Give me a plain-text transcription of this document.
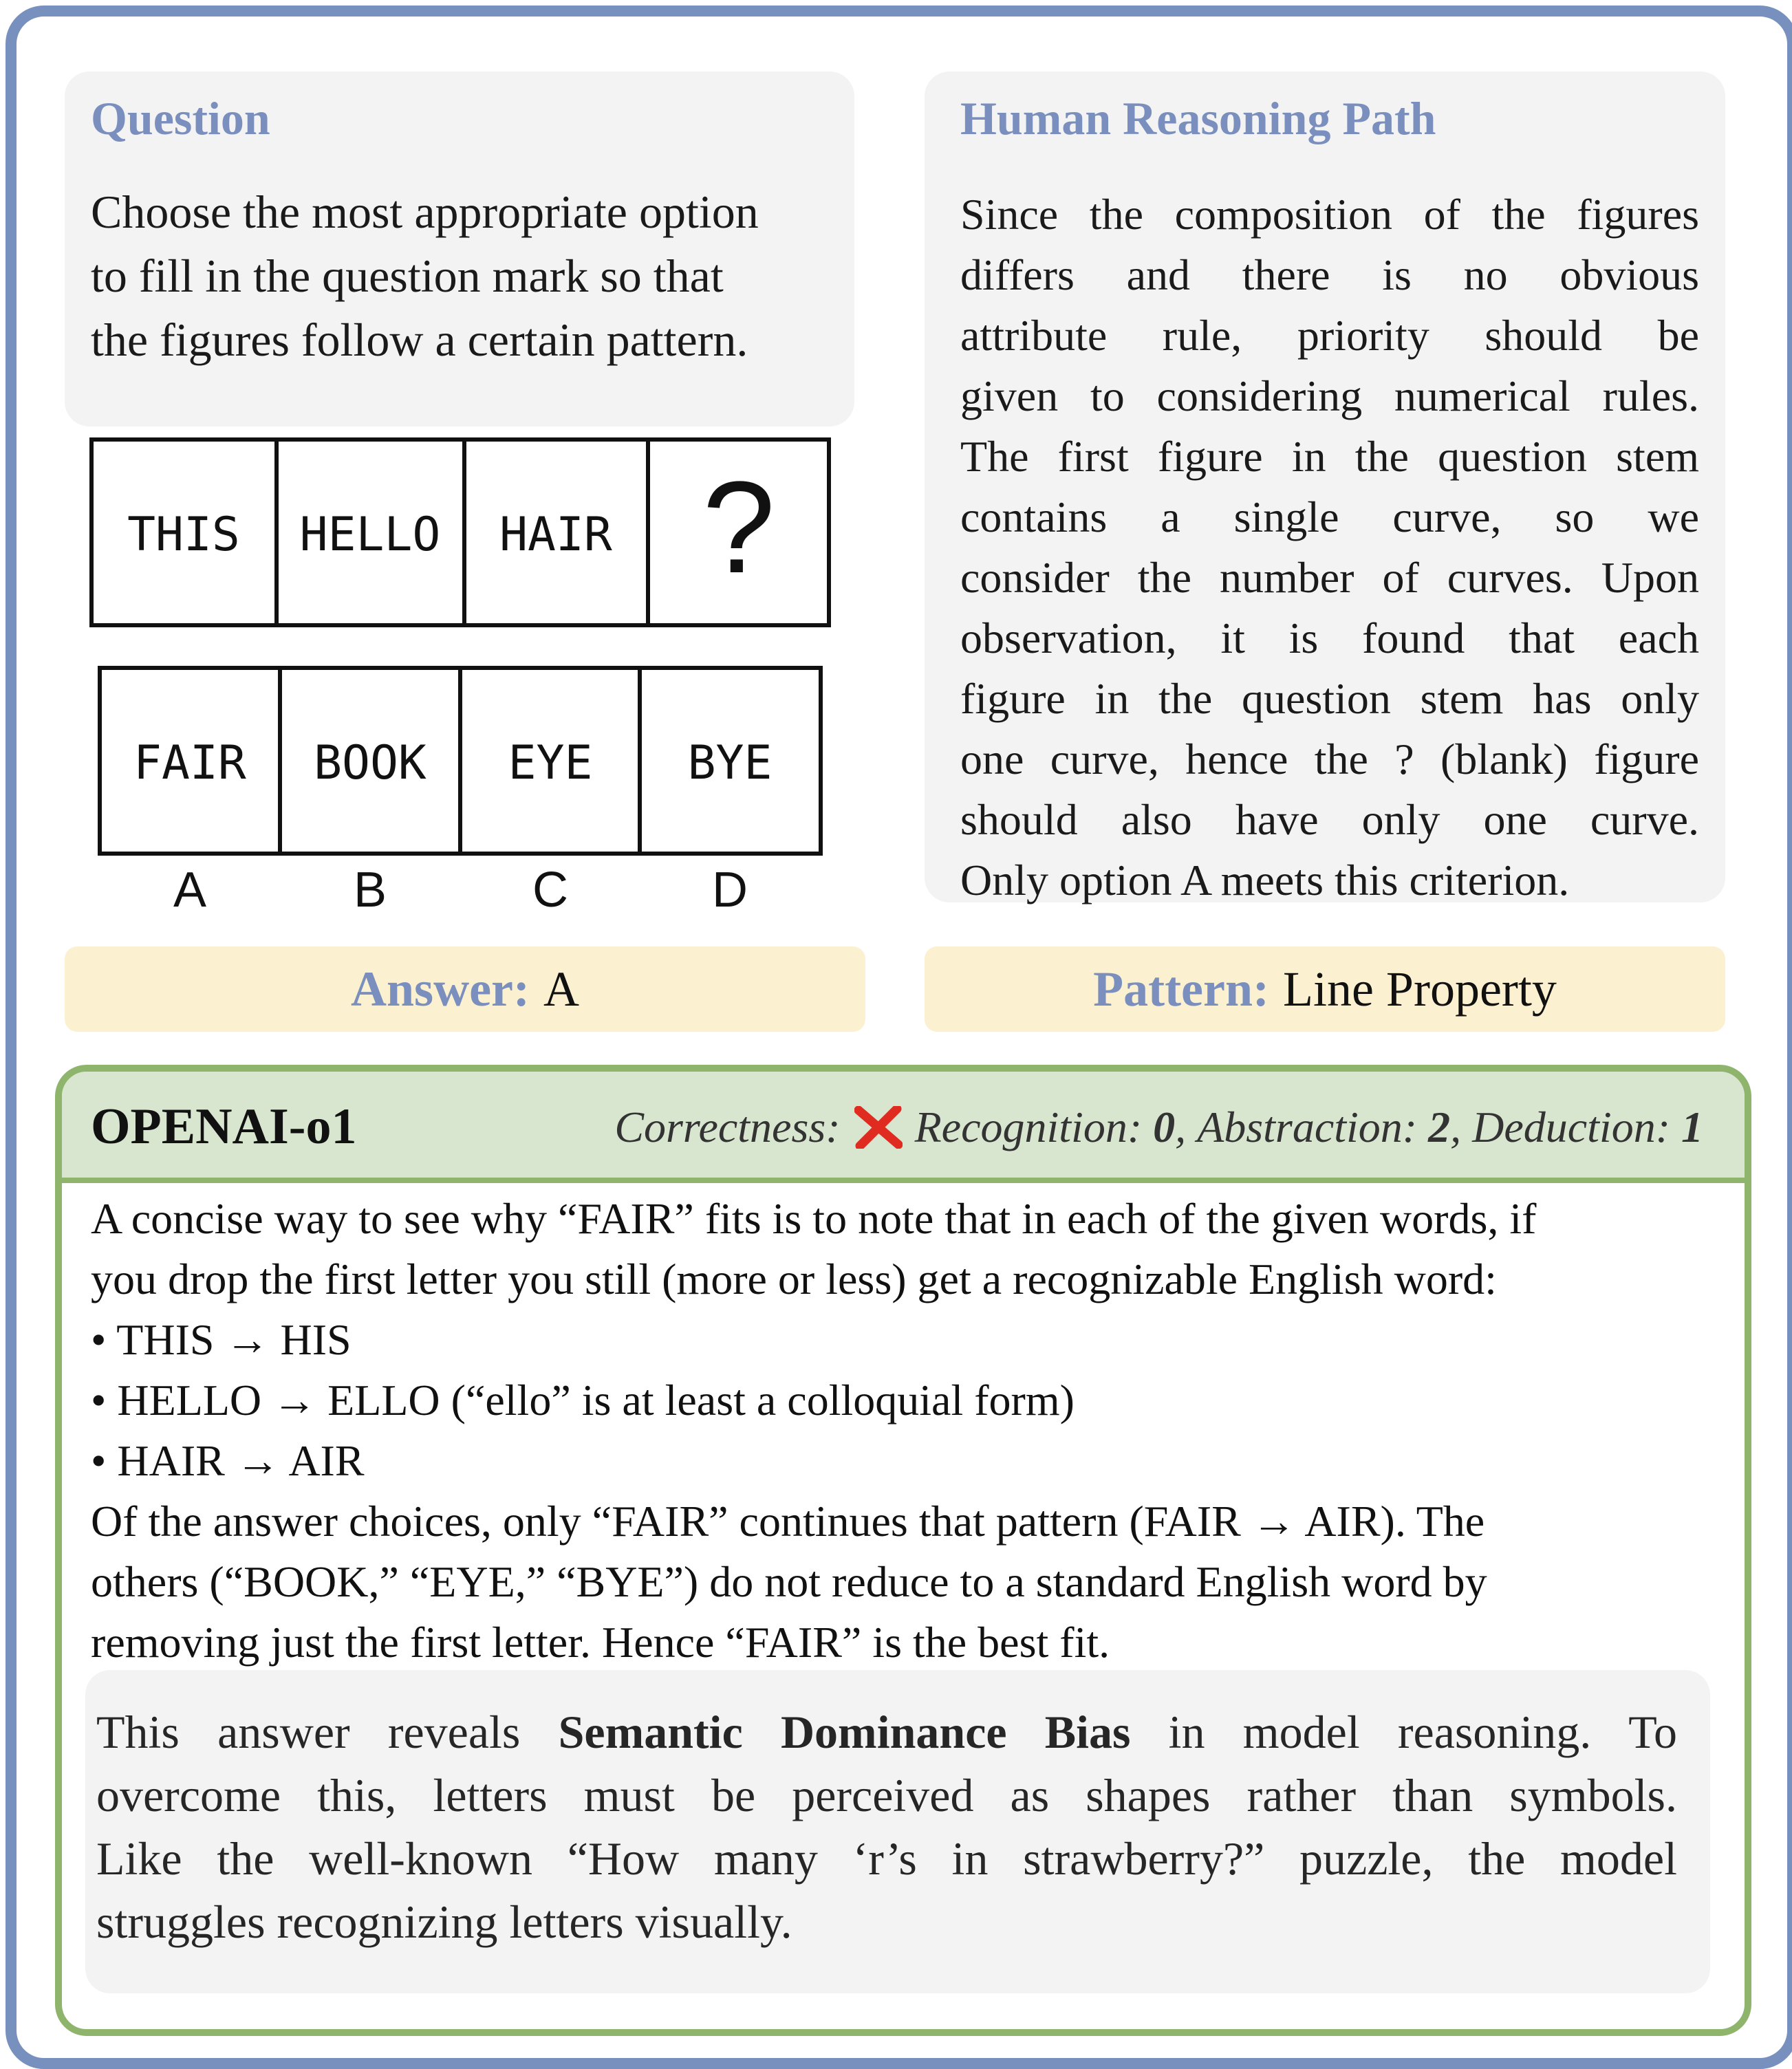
Question
Choose the most appropriate option
to fill in the question mark so that
the figures follow a certain pattern.
THIS HELLO HAIR ?
FAIR BOOK EYE BYE
A	B	C	D
Human Reasoning Path
Since the composition of the figures
differs and there is no obvious
attribute rule, priority should be
given to considering numerical rules.
The first figure in the question stem
contains a single curve, so we
consider the number of curves. Upon
observation, it is found that each
figure in the question stem has only
one curve, hence the ? (blank) figure
should also have only one curve.
Only option A meets this criterion.
Answer: A	Pattern: Line Property
OPENAI-o1	Correctness: Recognition:
0 , Abstraction:
2 , Deduction:
1
A concise way to see why “FAIR” fits is to note that in each of the given words, if
you drop the first letter you still (more or less) get a recognizable English word:
• THIS → HIS
• HELLO → ELLO (“ello” is at least a colloquial form)
• HAIR → AIR
Of the answer choices, only “FAIR” continues that pattern (FAIR → AIR). The
others (“BOOK,” “EYE,” “BYE”) do not reduce to a standard English word by
removing just the first letter. Hence “FAIR” is the best fit.
This answer reveals Semantic Dominance Bias in model reasoning. To
overcome this, letters must be perceived as shapes rather than symbols.
Like the well-known “How many ‘r’s in strawberry?” puzzle, the model
struggles recognizing letters visually.
